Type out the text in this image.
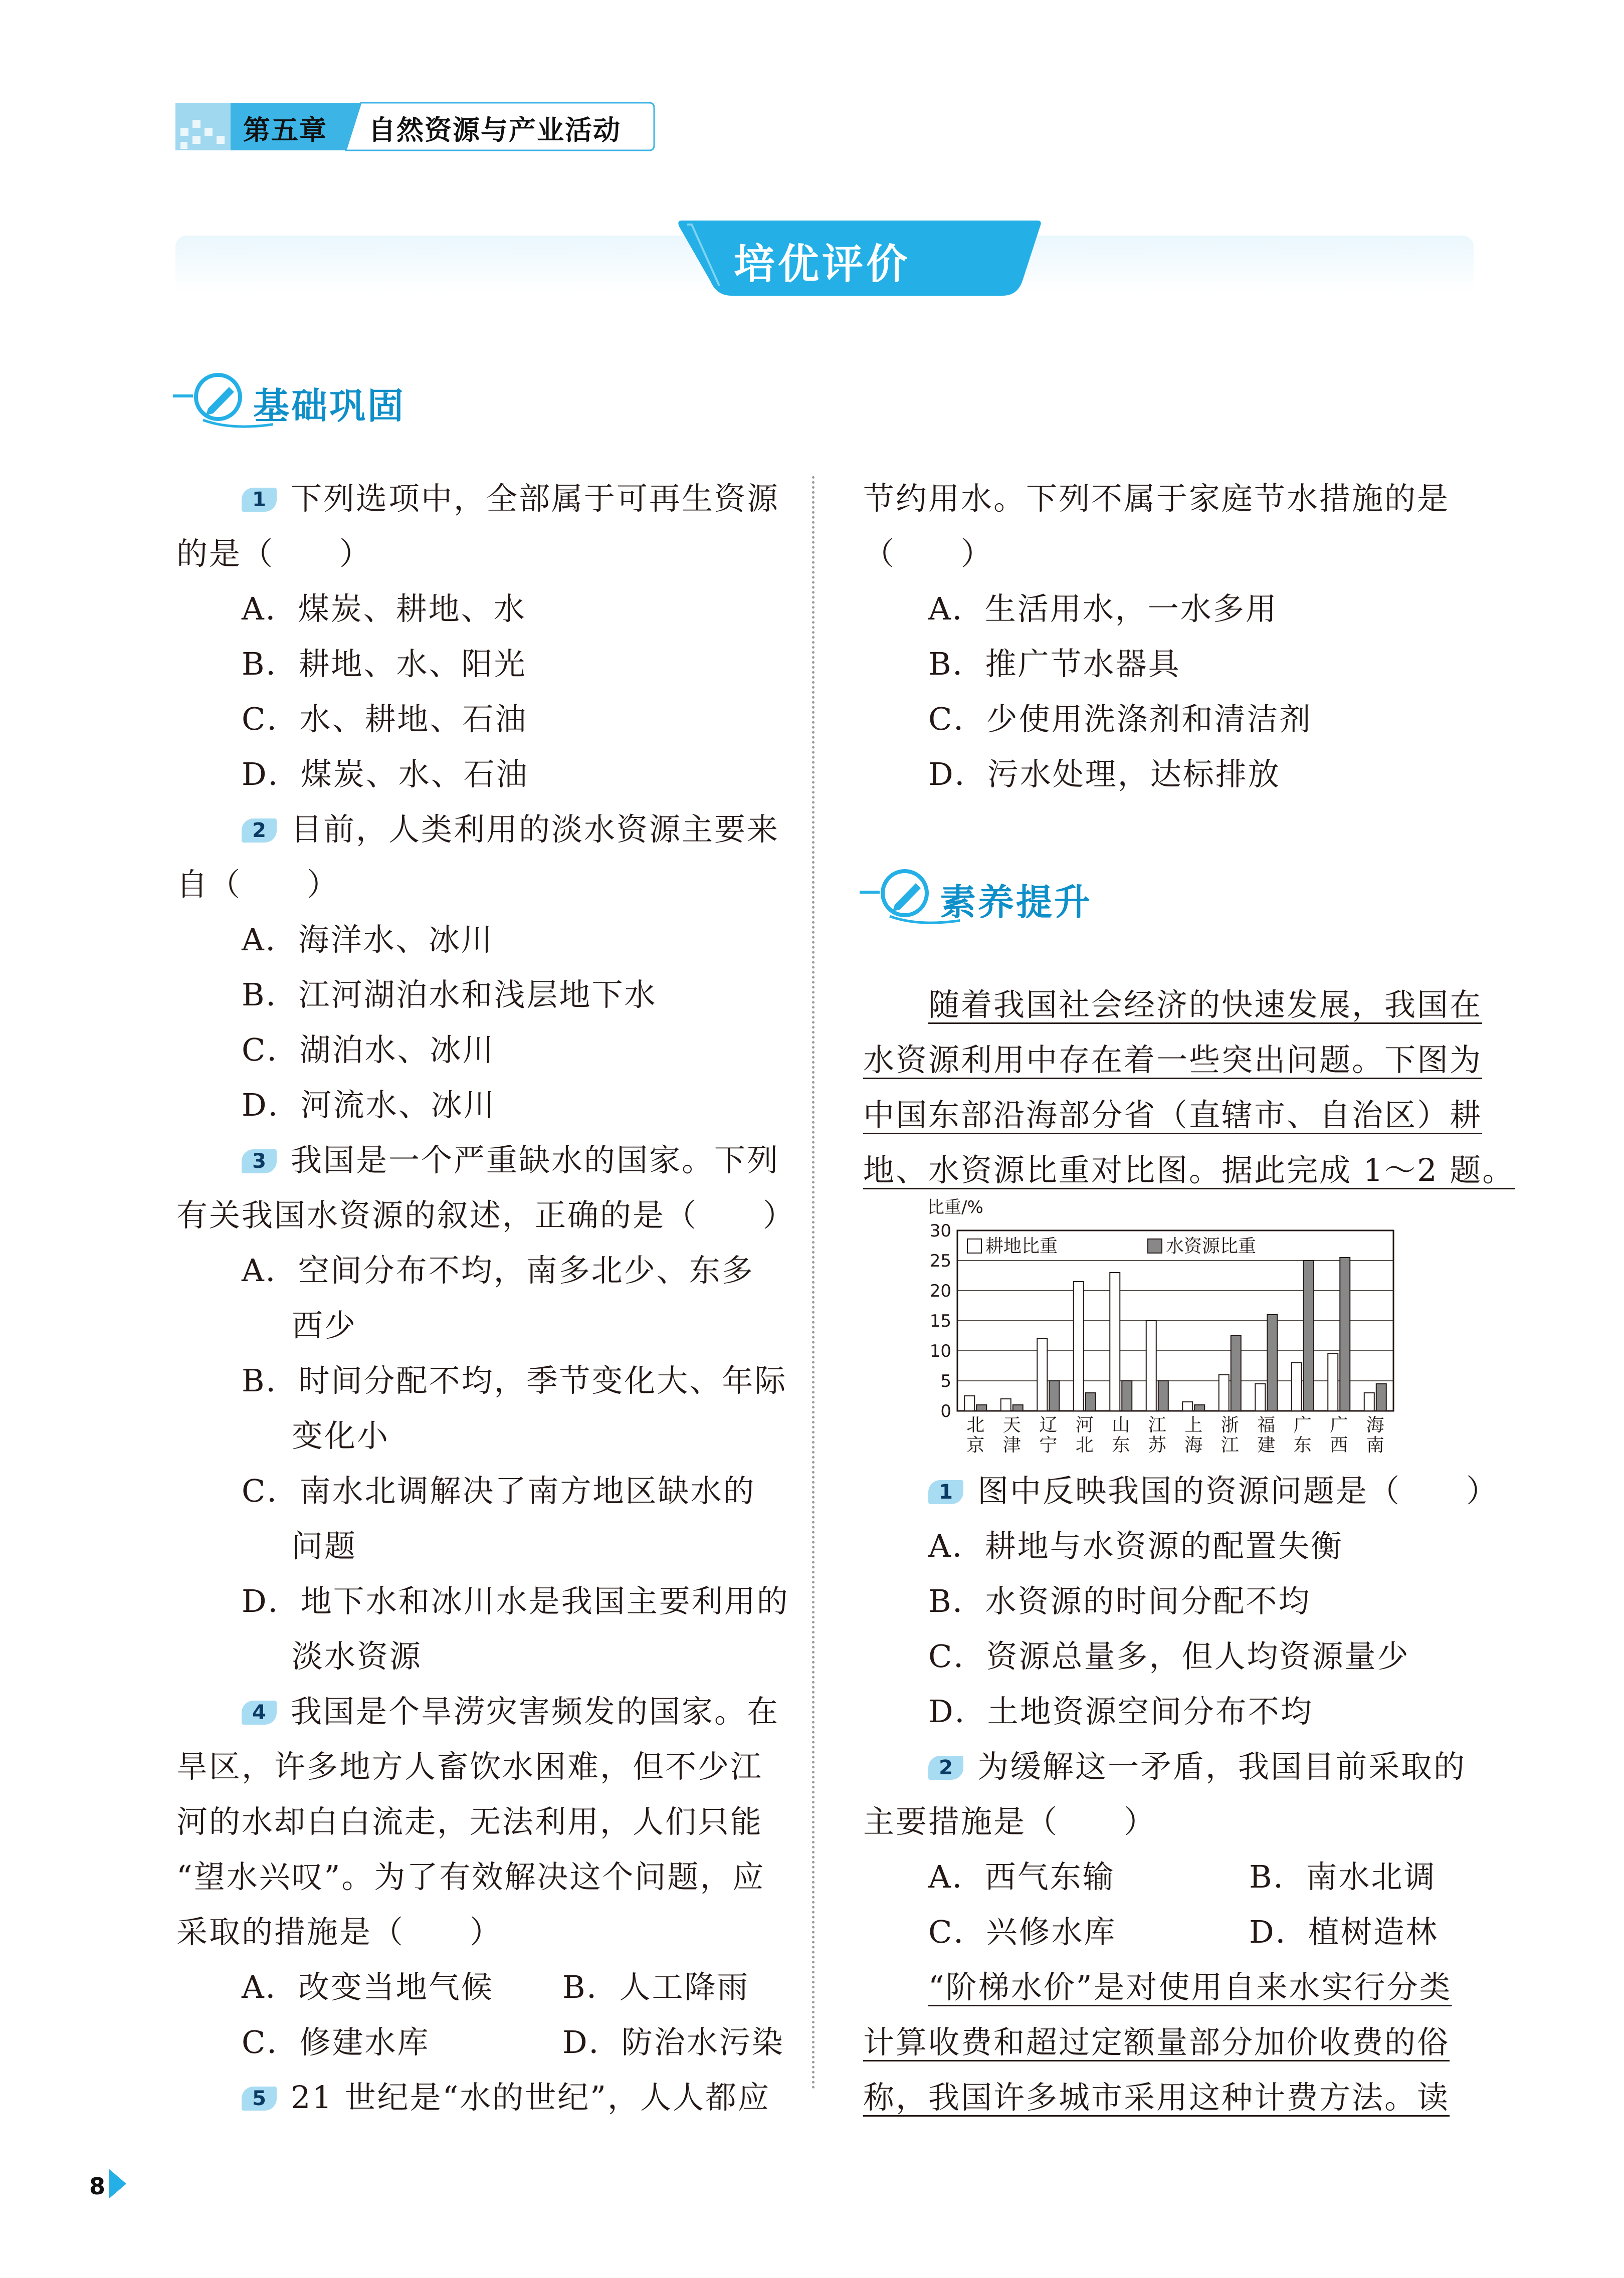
第五章 自然资源与产业活动
培优评价
基础巩固
1 下列选项中，全部属于可再生资源
的是（　　）
A．煤炭、耕地、水
B．耕地、水、阳光
C．水、耕地、石油
D．煤炭、水、石油
2 目前，人类利用的淡水资源主要来
自（　　）
A．海洋水、冰川
B．江河湖泊水和浅层地下水
C．湖泊水、冰川
D．河流水、冰川
3 我国是一个严重缺水的国家。下列
有关我国水资源的叙述，正确的是（　　）
A．空间分布不均，南多北少、东多
西少
B．时间分配不均，季节变化大、年际
变化小
C．南水北调解决了南方地区缺水的
问题
D．地下水和冰川水是我国主要利用的
淡水资源
4 我国是个旱涝灾害频发的国家。在
旱区，许多地方人畜饮水困难，但不少江
河的水却白白流走，无法利用，人们只能
“望水兴叹”。为了有效解决这个问题，应
采取的措施是（　　）
A．改变当地气候 B．人工降雨
C．修建水库	D．防治水污染
5 21 世纪是“水的世纪”，人人都应
节约用水。下列不属于家庭节水措施的是
（　　）
A．生活用水，一水多用
B．推广节水器具
C．少使用洗涤剂和清洁剂
D．污水处理，达标排放
素养提升
随着我国社会经济的快速发展，我国在
水资源利用中存在着一些突出问题。下图为
中国东部沿海部分省（直辖市、自治区）耕
地、水资源比重对比图。据此完成 1～2 题。
比重/%
0
5
10
15
20
25
30
北
京
天
津
辽
宁
河
北
山
东
江
苏
上
海
浙
江
福
建
广
东
广
西
海
南
耕地比重	水资源比重
1 图中反映我国的资源问题是（　　）
A．耕地与水资源的配置失衡
B．水资源的时间分配不均
C．资源总量多，但人均资源量少
D．土地资源空间分布不均
2 为缓解这一矛盾，我国目前采取的
主要措施是（　　）
A．西气东输	B．南水北调
C．兴修水库	D．植树造林
“阶梯水价”是对使用自来水实行分类
计算收费和超过定额量部分加价收费的俗
称，我国许多城市采用这种计费方法。读
8
